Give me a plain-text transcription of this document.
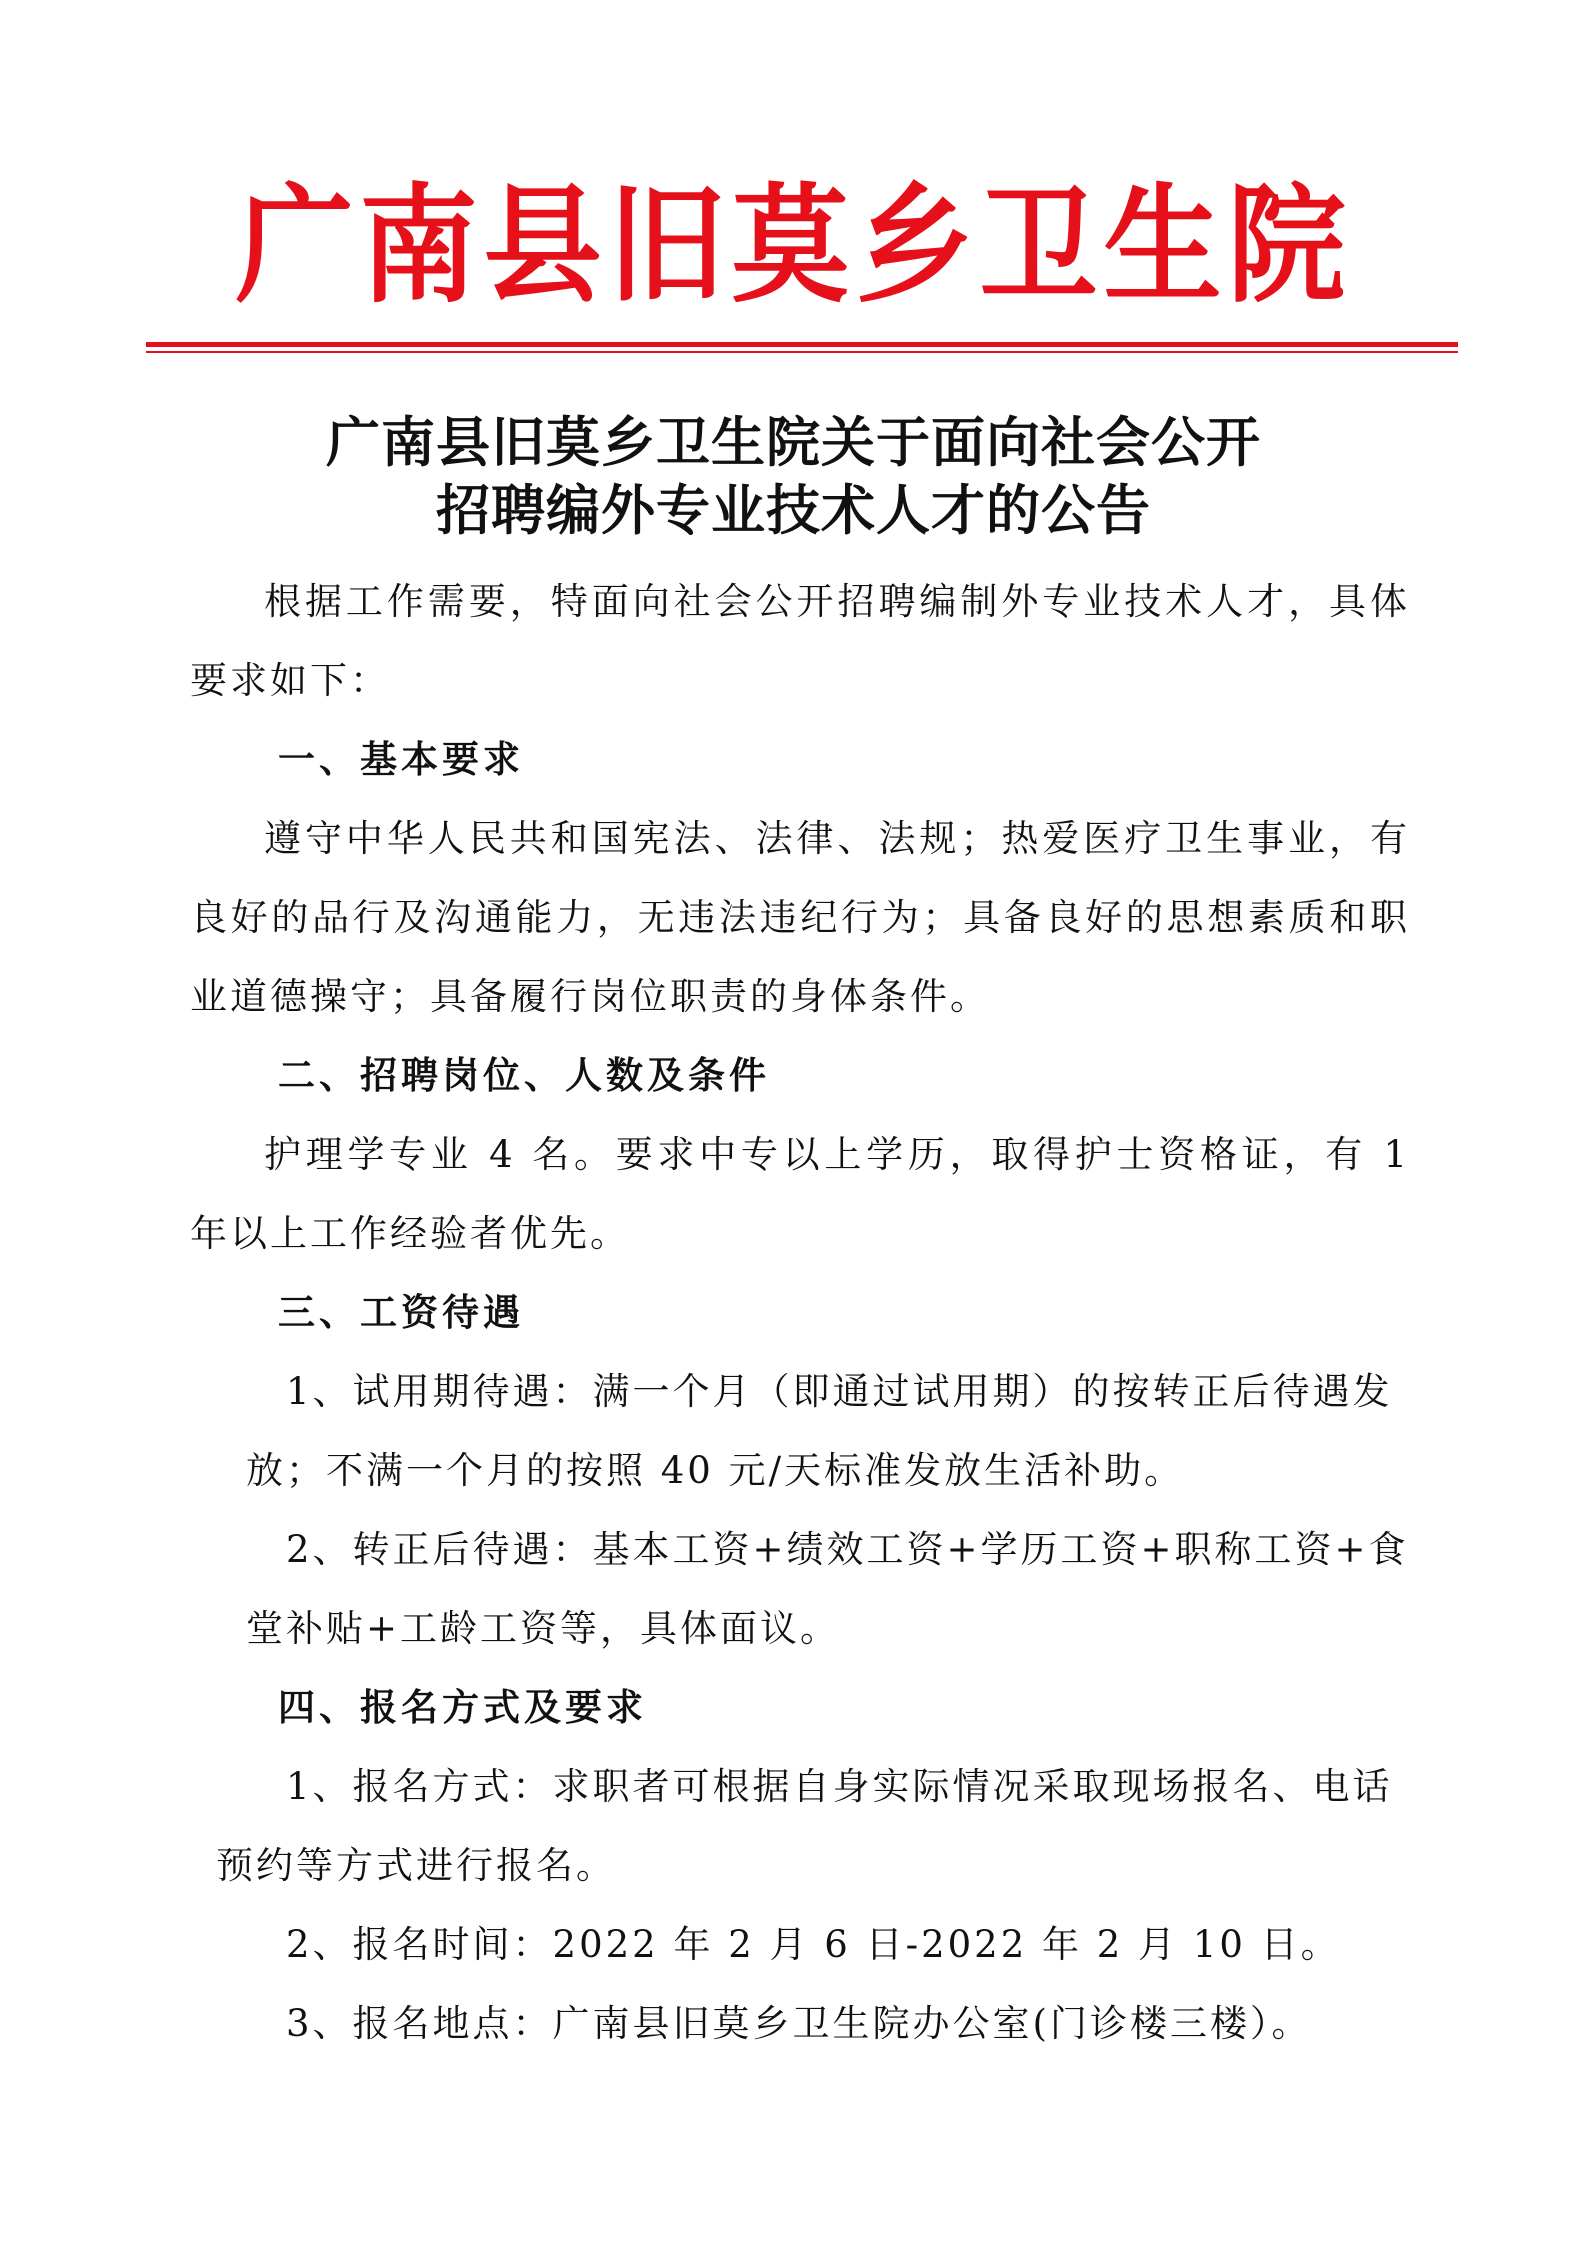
广南县旧莫乡卫生院
广南县旧莫乡卫生院关于面向社会公开
招聘编外专业技术人才的公告

根据工作需要，特面向社会公开招聘编制外专业技术人才，具体要求如下：

一、基本要求

遵守中华人民共和国宪法、法律、法规；热爱医疗卫生事业，有良好的品行及沟通能力，无违法违纪行为；具备良好的思想素质和职业道德操守；具备履行岗位职责的身体条件。

二、招聘岗位、人数及条件

护理学专业 4 名。要求中专以上学历，取得护士资格证，有 1 年以上工作经验者优先。

三、工资待遇

1、试用期待遇：满一个月（即通过试用期）的按转正后待遇发放；不满一个月的按照 40 元/天标准发放生活补助。

2、转正后待遇：基本工资+绩效工资+学历工资+职称工资+食堂补贴+工龄工资等，具体面议。

四、报名方式及要求

1、报名方式：求职者可根据自身实际情况采取现场报名、电话预约等方式进行报名。

2、报名时间：2022 年 2 月 6 日-2022 年 2 月 10 日。

3、报名地点：广南县旧莫乡卫生院办公室(门诊楼三楼）。
